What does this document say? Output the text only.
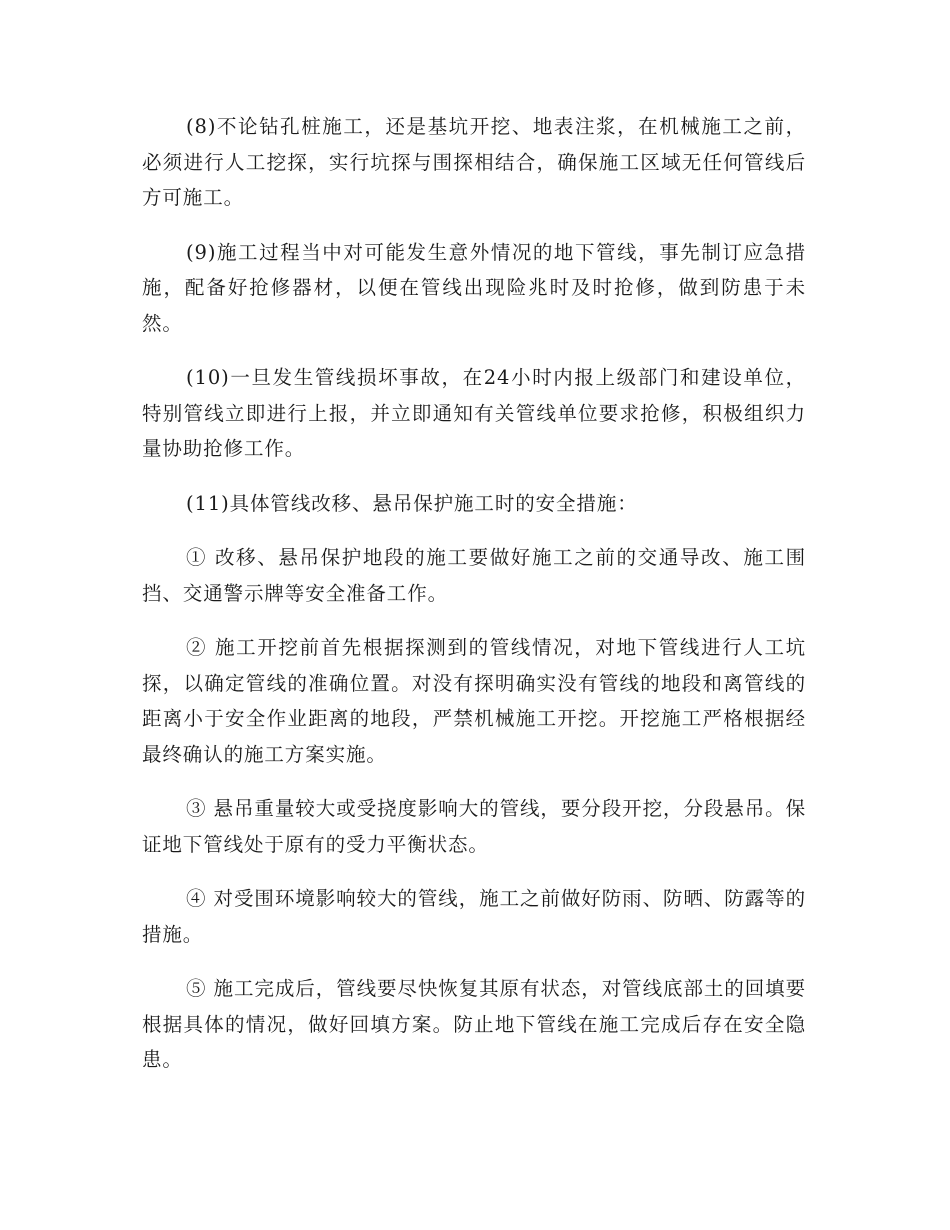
(8)不论钻孔桩施工，还是基坑开挖、地表注浆，在机械施工之前，必须进行人工挖探，实行坑探与围探相结合，确保施工区域无任何管线后方可施工。

(9)施工过程当中对可能发生意外情况的地下管线，事先制订应急措施，配备好抢修器材，以便在管线出现险兆时及时抢修，做到防患于未然。

(10)一旦发生管线损坏事故，在24小时内报上级部门和建设单位，特别管线立即进行上报，并立即通知有关管线单位要求抢修，积极组织力量协助抢修工作。

(11)具体管线改移、悬吊保护施工时的安全措施：

① 改移、悬吊保护地段的施工要做好施工之前的交通导改、施工围挡、交通警示牌等安全准备工作。

② 施工开挖前首先根据探测到的管线情况，对地下管线进行人工坑探，以确定管线的准确位置。对没有探明确实没有管线的地段和离管线的距离小于安全作业距离的地段，严禁机械施工开挖。开挖施工严格根据经最终确认的施工方案实施。

③ 悬吊重量较大或受挠度影响大的管线，要分段开挖，分段悬吊。保证地下管线处于原有的受力平衡状态。

④ 对受围环境影响较大的管线，施工之前做好防雨、防晒、防露等的措施。

⑤ 施工完成后，管线要尽快恢复其原有状态，对管线底部土的回填要根据具体的情况，做好回填方案。防止地下管线在施工完成后存在安全隐患。
